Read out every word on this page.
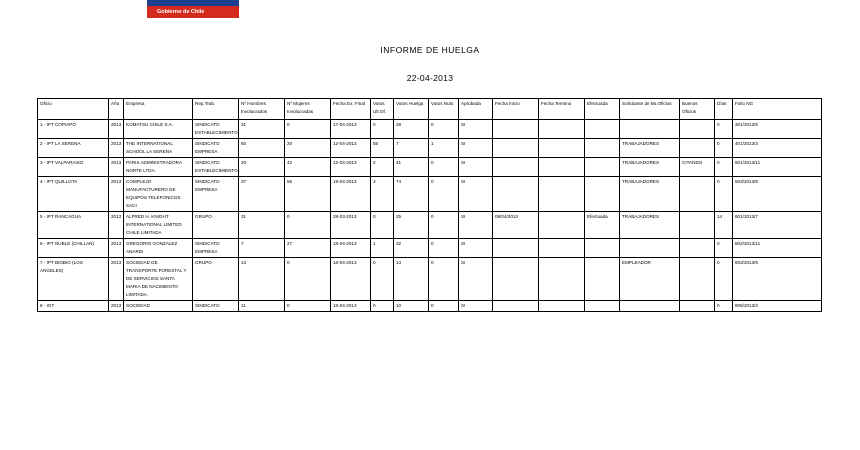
Gobierno de Chile
INFORME DE HUELGA
22-04-2013
Oficio	Año	Empresa	Rep.Trab.	Nº Hombres Involucrados	Nº Mujeres Involucradas	Fecha Ex. Final	Votos Ult.Of.	Votos Huelga	Votos Nulo	Aprobada	Fecha Inicio	Fecha Termino	Efectuada	Solicitante de Bs.Oficios	Buenos Oficios	Días	Folio NG
1 - IPT COPIAPO	2013	KOMATSU CHILE S.A.	SINDICATO ESTABLECIMIENTO	31	0	17-04-2013	0	28	0	SI						0	301/2013/6
2 - IPT LA SERENA	2013	THE INTERNATIONAL SCHOOL LA SERENA	SINDICATO EMPRESA	60	20	12-04-2013	55	7	1	SI				TRABAJADORES		0	401/2013/3
3 - IPT VALPARAISO	2013	PARIS ADMINISTRADORA NORTE LTDA.	SINDICATO ESTABLECIMIENTO	20	42	12-04-2013	2	41	0	SI				TRABAJADORES	CITANDO	0	501/2013/11
4 - IPT QUILLOTA	2013	COMPLEJO MANUFACTURERO DE EQUIPOS TELEFONICOS SACI	SINDICATO EMPRESA	37	55	19-04-2013	3	74	0	SI				TRABAJADORES		0	503/2013/6
5 - IPT RANCAGUA	2013	ALFRED H. KNIGHT INTERNATIONAL LIMITED CHILE LIMITADA	GRUPO	31	0	28-03-2013	0	25	0	SI	08/04/2013		Efectuada	TRABAJADORES		14	601/2013/7
6 - IPT ÑUBLE (CHILLAN)	2013	GREGORIO GONZALEZ ANARDI	SINDICATO EMPRESA	7	27	18-04-2013	1	32	0	SI						0	802/2013/11
7 - IPT BIOBIO (LOS ANGELES)	2013	SOCIEDAD DE TRANSPORTE FORESTAL Y DE SERVICIOS SANTA MARIA DE NACIMIENTO LIMITADA.	GRUPO	13	0	18-04-2013	0	13	0	SI				EMPLEADOR		0	803/2013/6
8 - IGT	2013	SOCIEDAD	SINDICATO	11	0	18-04-2013	0	10	0	SI						0	805/2013/2
